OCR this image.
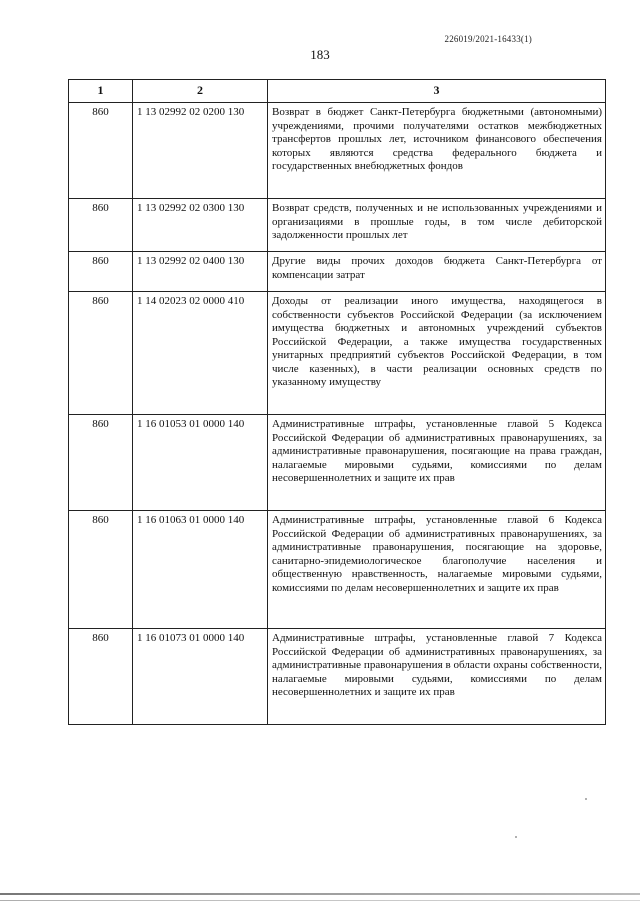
226019/2021-16433(1)
183
1	2	3
860	1 13 02992 02 0200 130	Возврат в бюджет Санкт-Петербурга бюджетными (автономными) учреждениями, прочими получателями остатков межбюджетных трансфертов прошлых лет, источником финансового обеспечения которых являются средства федерального бюджета и государственных внебюджетных фондов
860	1 13 02992 02 0300 130	Возврат средств, полученных и не использованных учреждениями и организациями в прошлые годы, в том числе дебиторской задолженности прошлых лет
860	1 13 02992 02 0400 130	Другие виды прочих доходов бюджета Санкт-Петербурга от компенсации затрат
860	1 14 02023 02 0000 410	Доходы от реализации иного имущества, находящегося в собственности субъектов Российской Федерации (за исключением имущества бюджетных и автономных учреждений субъектов Российской Федерации, а также имущества государственных унитарных предприятий субъектов Российской Федерации, в том числе казенных), в части реализации основных средств по указанному имуществу
860	1 16 01053 01 0000 140	Административные штрафы, установленные главой 5 Кодекса Российской Федерации об административных правонарушениях, за административные правонарушения, посягающие на права граждан, налагаемые мировыми судьями, комиссиями по делам несовершеннолетних и защите их прав
860	1 16 01063 01 0000 140	Административные штрафы, установленные главой 6 Кодекса Российской Федерации об административных правонарушениях, за административные правонарушения, посягающие на здоровье, санитарно-эпидемиологическое благополучие населения и общественную нравственность, налагаемые мировыми судьями, комиссиями по делам несовершеннолетних и защите их прав
860	1 16 01073 01 0000 140	Административные штрафы, установленные главой 7 Кодекса Российской Федерации об административных правонарушениях, за административные правонарушения в области охраны собственности, налагаемые мировыми судьями, комиссиями по делам несовершеннолетних и защите их прав
